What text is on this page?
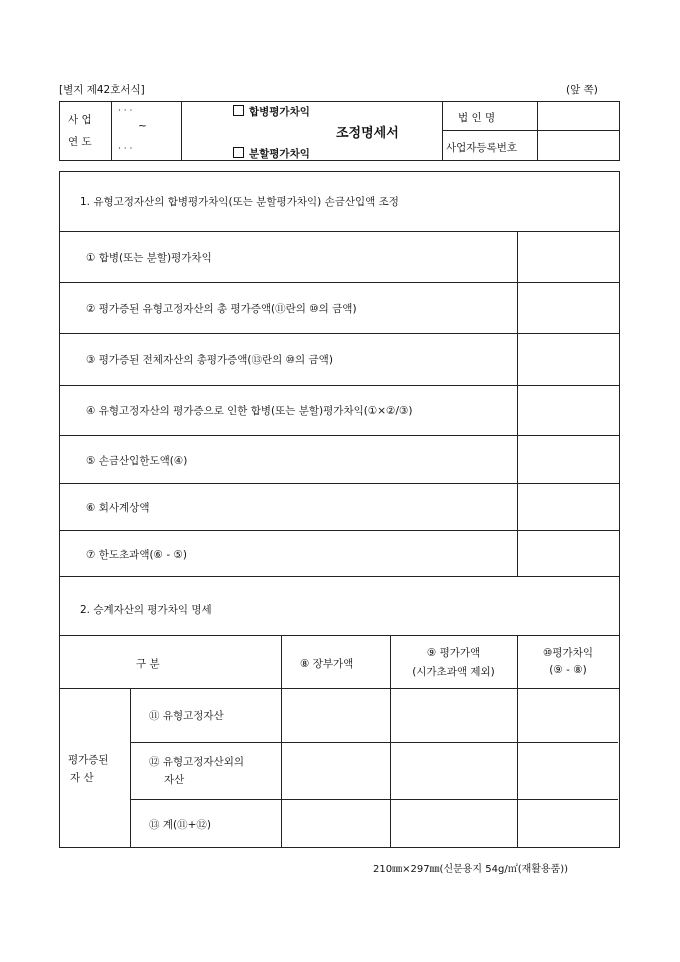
[별지 제42호서식]	(앞 쪽)
사 업
연 도
· · ·
~
· · ·
합병평가차익
조정명세서
분할평가차익
법 인 명
사업자등록번호
1. 유형고정자산의 합병평가차익(또는 분할평가차익) 손금산입액 조정
① 합병(또는 분할)평가차익
② 평가증된 유형고정자산의 총 평가증액(⑪란의 ⑩의 금액)
③ 평가증된 전체자산의 총평가증액(⑬란의 ⑩의 금액)
④ 유형고정자산의 평가증으로 인한 합병(또는 분할)평가차익(①×②/③)
⑤ 손금산입한도액(④)
⑥ 회사계상액
⑦ 한도초과액(⑥ - ⑤)
2. 승계자산의 평가차익 명세
구 분	⑧ 장부가액
⑨ 평가가액
(시가초과액 제외)
⑩평가차익
(⑨ - ⑧)
평가증된
자 산
⑪ 유형고정자산
⑫ 유형고정자산외의
자산
⑬ 계(⑪+⑫)
210㎜×297㎜(신문용지 54g/㎡(재활용품))
